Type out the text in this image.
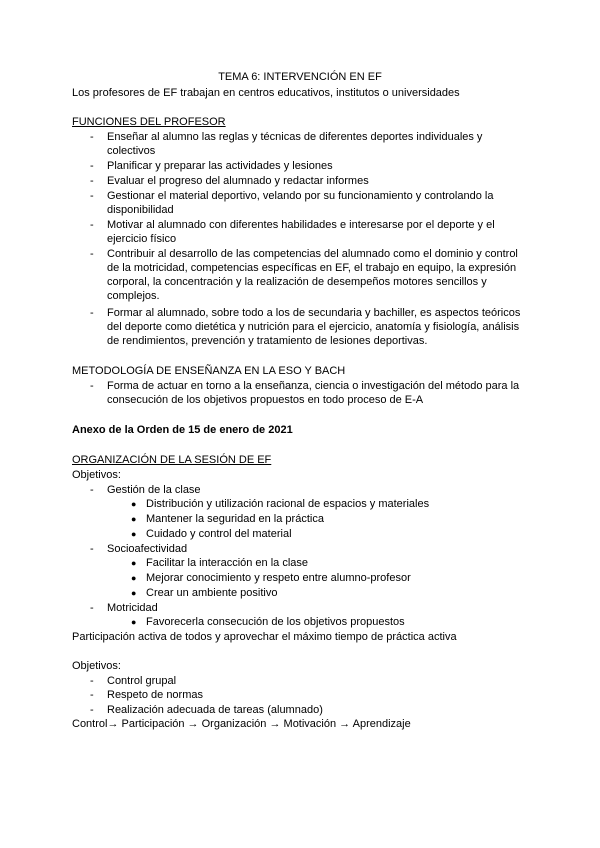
TEMA 6: INTERVENCIÓN EN EF
Los profesores de EF trabajan en centros educativos, institutos o universidades
FUNCIONES DEL PROFESOR
- Enseñar al alumno las reglas y técnicas de diferentes deportes individuales y
colectivos
- Planificar y preparar las actividades y lesiones
- Evaluar el progreso del alumnado y redactar informes
- Gestionar el material deportivo, velando por su funcionamiento y controlando la
disponibilidad
- Motivar al alumnado con diferentes habilidades e interesarse por el deporte y el
ejercicio físico
- Contribuir al desarrollo de las competencias del alumnado como el dominio y control
de la motricidad, competencias específicas en EF, el trabajo en equipo, la expresión
corporal, la concentración y la realización de desempeños motores sencillos y
complejos.
- Formar al alumnado, sobre todo a los de secundaria y bachiller, es aspectos teóricos
del deporte como dietética y nutrición para el ejercicio, anatomía y fisiología, análisis
de rendimientos, prevención y tratamiento de lesiones deportivas.
METODOLOGÍA DE ENSEÑANZA EN LA ESO Y BACH
- Forma de actuar en torno a la enseñanza, ciencia o investigación del método para la
consecución de los objetivos propuestos en todo proceso de E-A
Anexo de la Orden de 15 de enero de 2021
ORGANIZACIÓN DE LA SESIÓN DE EF
Objetivos:
- Gestión de la clase
● Distribución y utilización racional de espacios y materiales
● Mantener la seguridad en la práctica
● Cuidado y control del material
- Socioafectividad
● Facilitar la interacción en la clase
● Mejorar conocimiento y respeto entre alumno-profesor
● Crear un ambiente positivo
- Motricidad
● Favorecerla consecución de los objetivos propuestos
Participación activa de todos y aprovechar el máximo tiempo de práctica activa
Objetivos:
- Control grupal
- Respeto de normas
- Realización adecuada de tareas (alumnado)
Control→ Participación → Organización → Motivación → Aprendizaje
